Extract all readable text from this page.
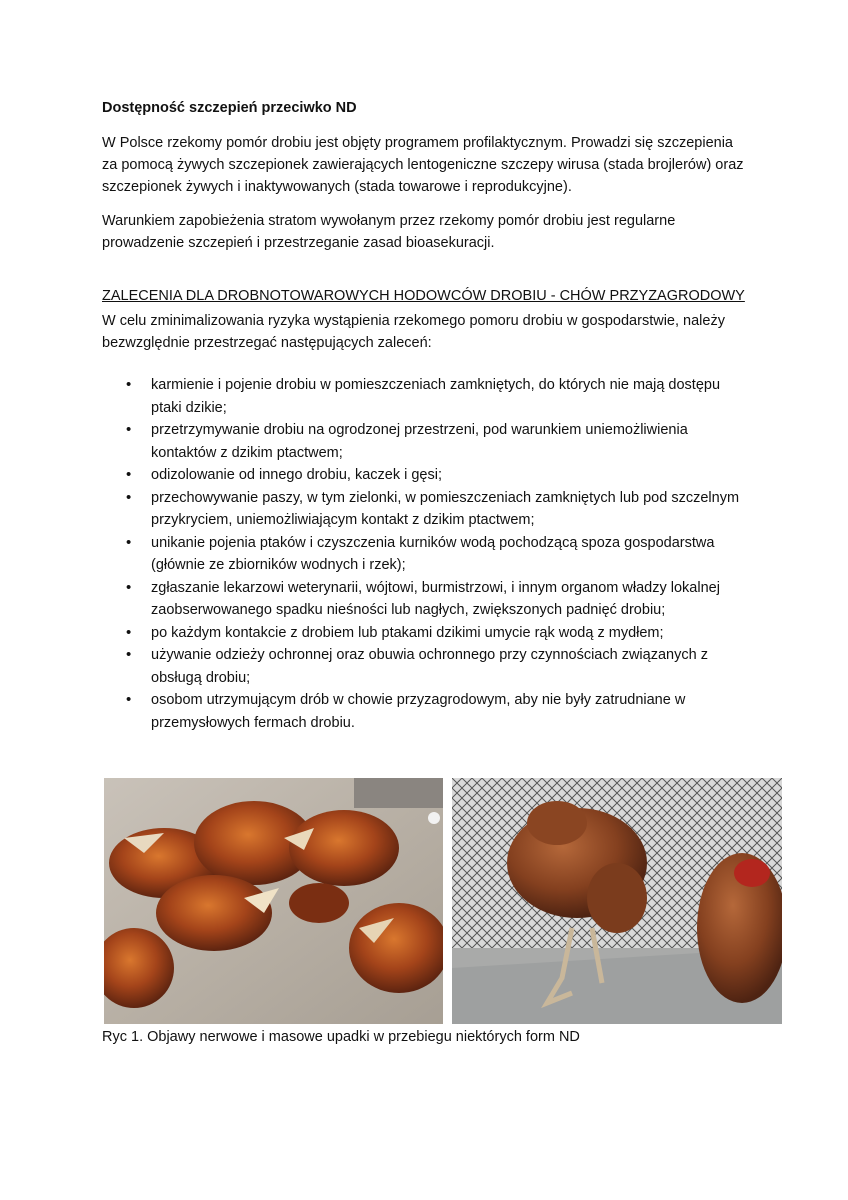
Dostępność szczepień przeciwko ND
W Polsce rzekomy pomór drobiu jest objęty programem profilaktycznym. Prowadzi się szczepienia za pomocą żywych szczepionek zawierających lentogeniczne szczepy wirusa (stada brojlerów) oraz szczepionek żywych i inaktywowanych (stada towarowe i reprodukcyjne).
Warunkiem zapobieżenia stratom wywołanym przez rzekomy pomór drobiu jest regularne prowadzenie szczepień i przestrzeganie zasad bioasekuracji.
ZALECENIA DLA DROBNOTOWAROWYCH HODOWCÓW DROBIU - CHÓW PRZYZAGRODOWY
W celu zminimalizowania ryzyka wystąpienia rzekomego pomoru drobiu w gospodarstwie, należy bezwzględnie przestrzegać następujących zaleceń:
• karmienie i pojenie drobiu w pomieszczeniach zamkniętych, do których nie mają dostępu ptaki dzikie;
• przetrzymywanie drobiu na ogrodzonej przestrzeni, pod warunkiem uniemożliwienia kontaktów z dzikim ptactwem;
• odizolowanie od innego drobiu, kaczek i gęsi;
• przechowywanie paszy, w tym zielonki, w pomieszczeniach zamkniętych lub pod szczelnym przykryciem, uniemożliwiającym kontakt z dzikim ptactwem;
• unikanie pojenia ptaków i czyszczenia kurników wodą pochodzącą spoza gospodarstwa (głównie ze zbiorników wodnych i rzek);
• zgłaszanie lekarzowi weterynarii, wójtowi, burmistrzowi, i innym organom władzy lokalnej zaobserwowanego spadku nieśności lub nagłych, zwiększonych padnięć drobiu;
• po każdym kontakcie z drobiem lub ptakami dzikimi umycie rąk wodą z mydłem;
• używanie odzieży ochronnej oraz obuwia ochronnego przy czynnościach związanych z obsługą drobiu;
• osobom utrzymującym drób w chowie przyzagrodowym, aby nie były zatrudniane w przemysłowych fermach drobiu.
Ryc 1. Objawy nerwowe i masowe upadki w przebiegu niektórych form ND
